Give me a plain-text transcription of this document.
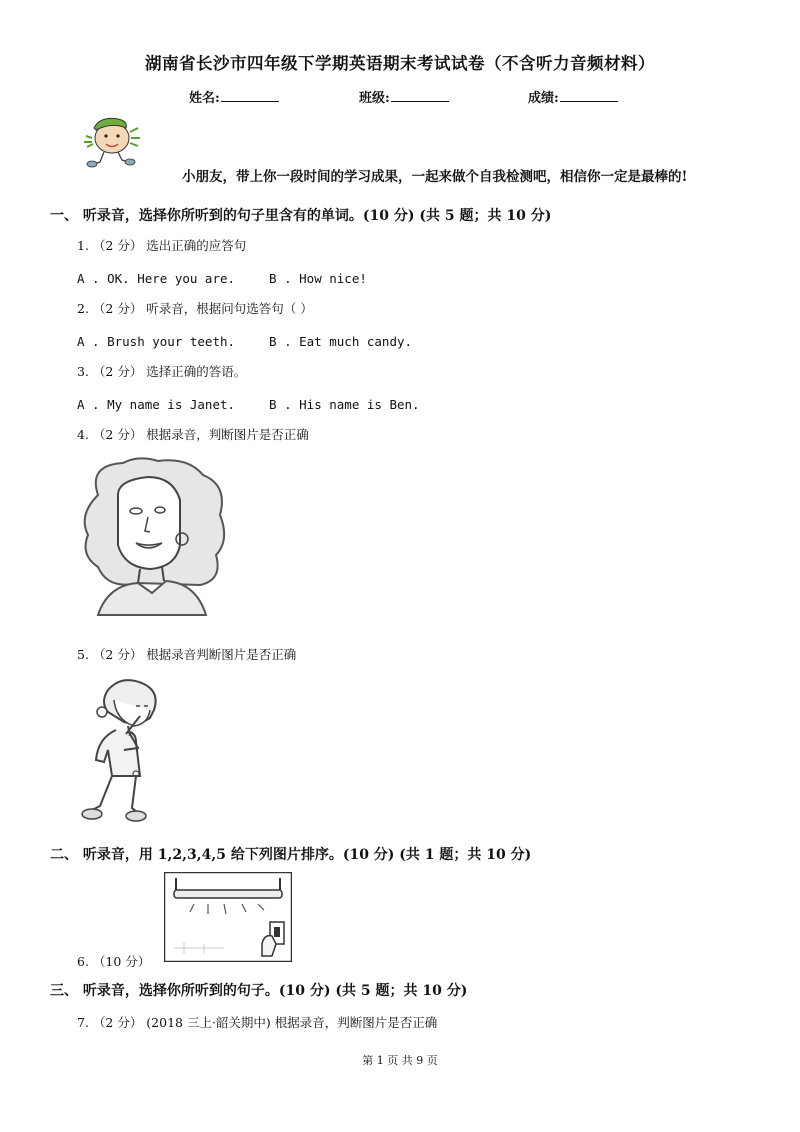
湖南省长沙市四年级下学期英语期末考试试卷（不含听力音频材料）
姓名:	班级:	成绩:
小朋友，带上你一段时间的学习成果，一起来做个自我检测吧，相信你一定是最棒的!
一、 听录音，选择你所听到的句子里含有的单词。(10 分) (共 5 题；共 10 分)
1. （2 分） 选出正确的应答句
A . OK. Here you are.	B . How nice!
2. （2 分） 听录音，根据问句选答句（ ）
A . Brush your teeth.	B . Eat much candy.
3. （2 分） 选择正确的答语。
A . My name is Janet.	B . His name is Ben.
4. （2 分） 根据录音，判断图片是否正确
5. （2 分） 根据录音判断图片是否正确
二、 听录音，用 1,2,3,4,5 给下列图片排序。(10 分) (共 1 题；共 10 分)
6. （10 分）
三、 听录音，选择你所听到的句子。(10 分) (共 5 题；共 10 分)
7. （2 分） (2018 三上·韶关期中) 根据录音，判断图片是否正确
第 1 页 共 9 页
